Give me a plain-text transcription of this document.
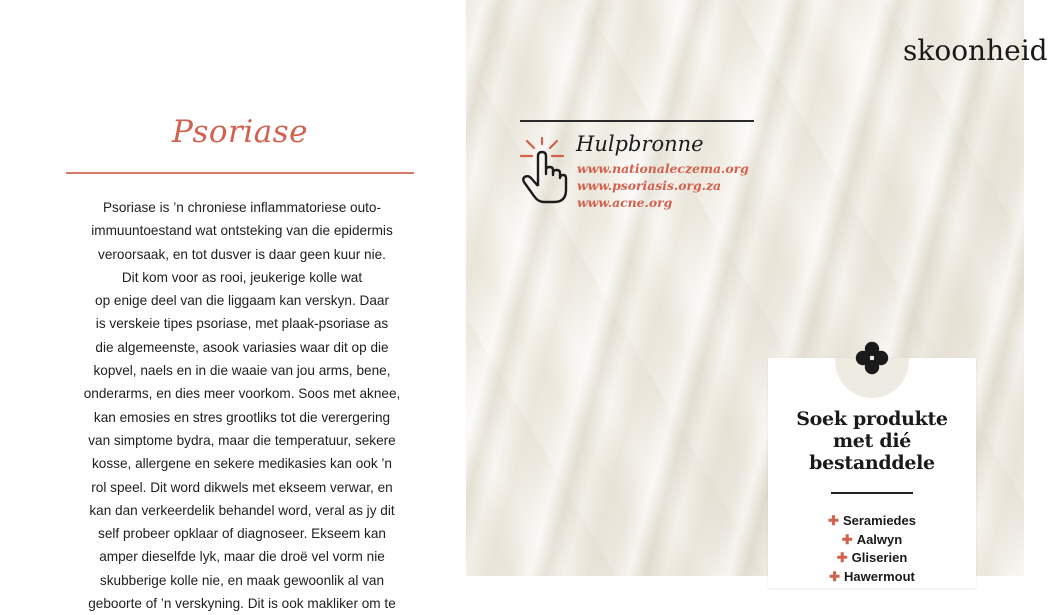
Psoriase
Psoriase is ’n chroniese inflammatoriese outo-
immuuntoestand wat ontsteking van die epidermis
veroorsaak, en tot dusver is daar geen kuur nie.
Dit kom voor as rooi, jeukerige kolle wat
op enige deel van die liggaam kan verskyn. Daar
is verskeie tipes psoriase, met plaak-psoriase as
die algemeenste, asook variasies waar dit op die
kopvel, naels en in die waaie van jou arms, bene,
onderarms, en dies meer voorkom. Soos met aknee,
kan emosies en stres grootliks tot die verergering
van simptome bydra, maar die temperatuur, sekere
kosse, allergene en sekere medikasies kan ook ’n
rol speel. Dit word dikwels met ekseem verwar, en
kan dan verkeerdelik behandel word, veral as jy dit
self probeer opklaar of diagnoseer. Ekseem kan
amper dieselfde lyk, maar die droë vel vorm nie
skubberige kolle nie, en maak gewoonlik al van
geboorte of ’n verskyning. Dit is ook makliker om te
skoonheid
Hulpbronne
www.nationaleczema.org
www.psoriasis.org.za
www.acne.org
Soek produkte
met dié
bestanddele
✚ Seramiedes
✚ Aalwyn
✚ Gliserien
✚ Hawermout
